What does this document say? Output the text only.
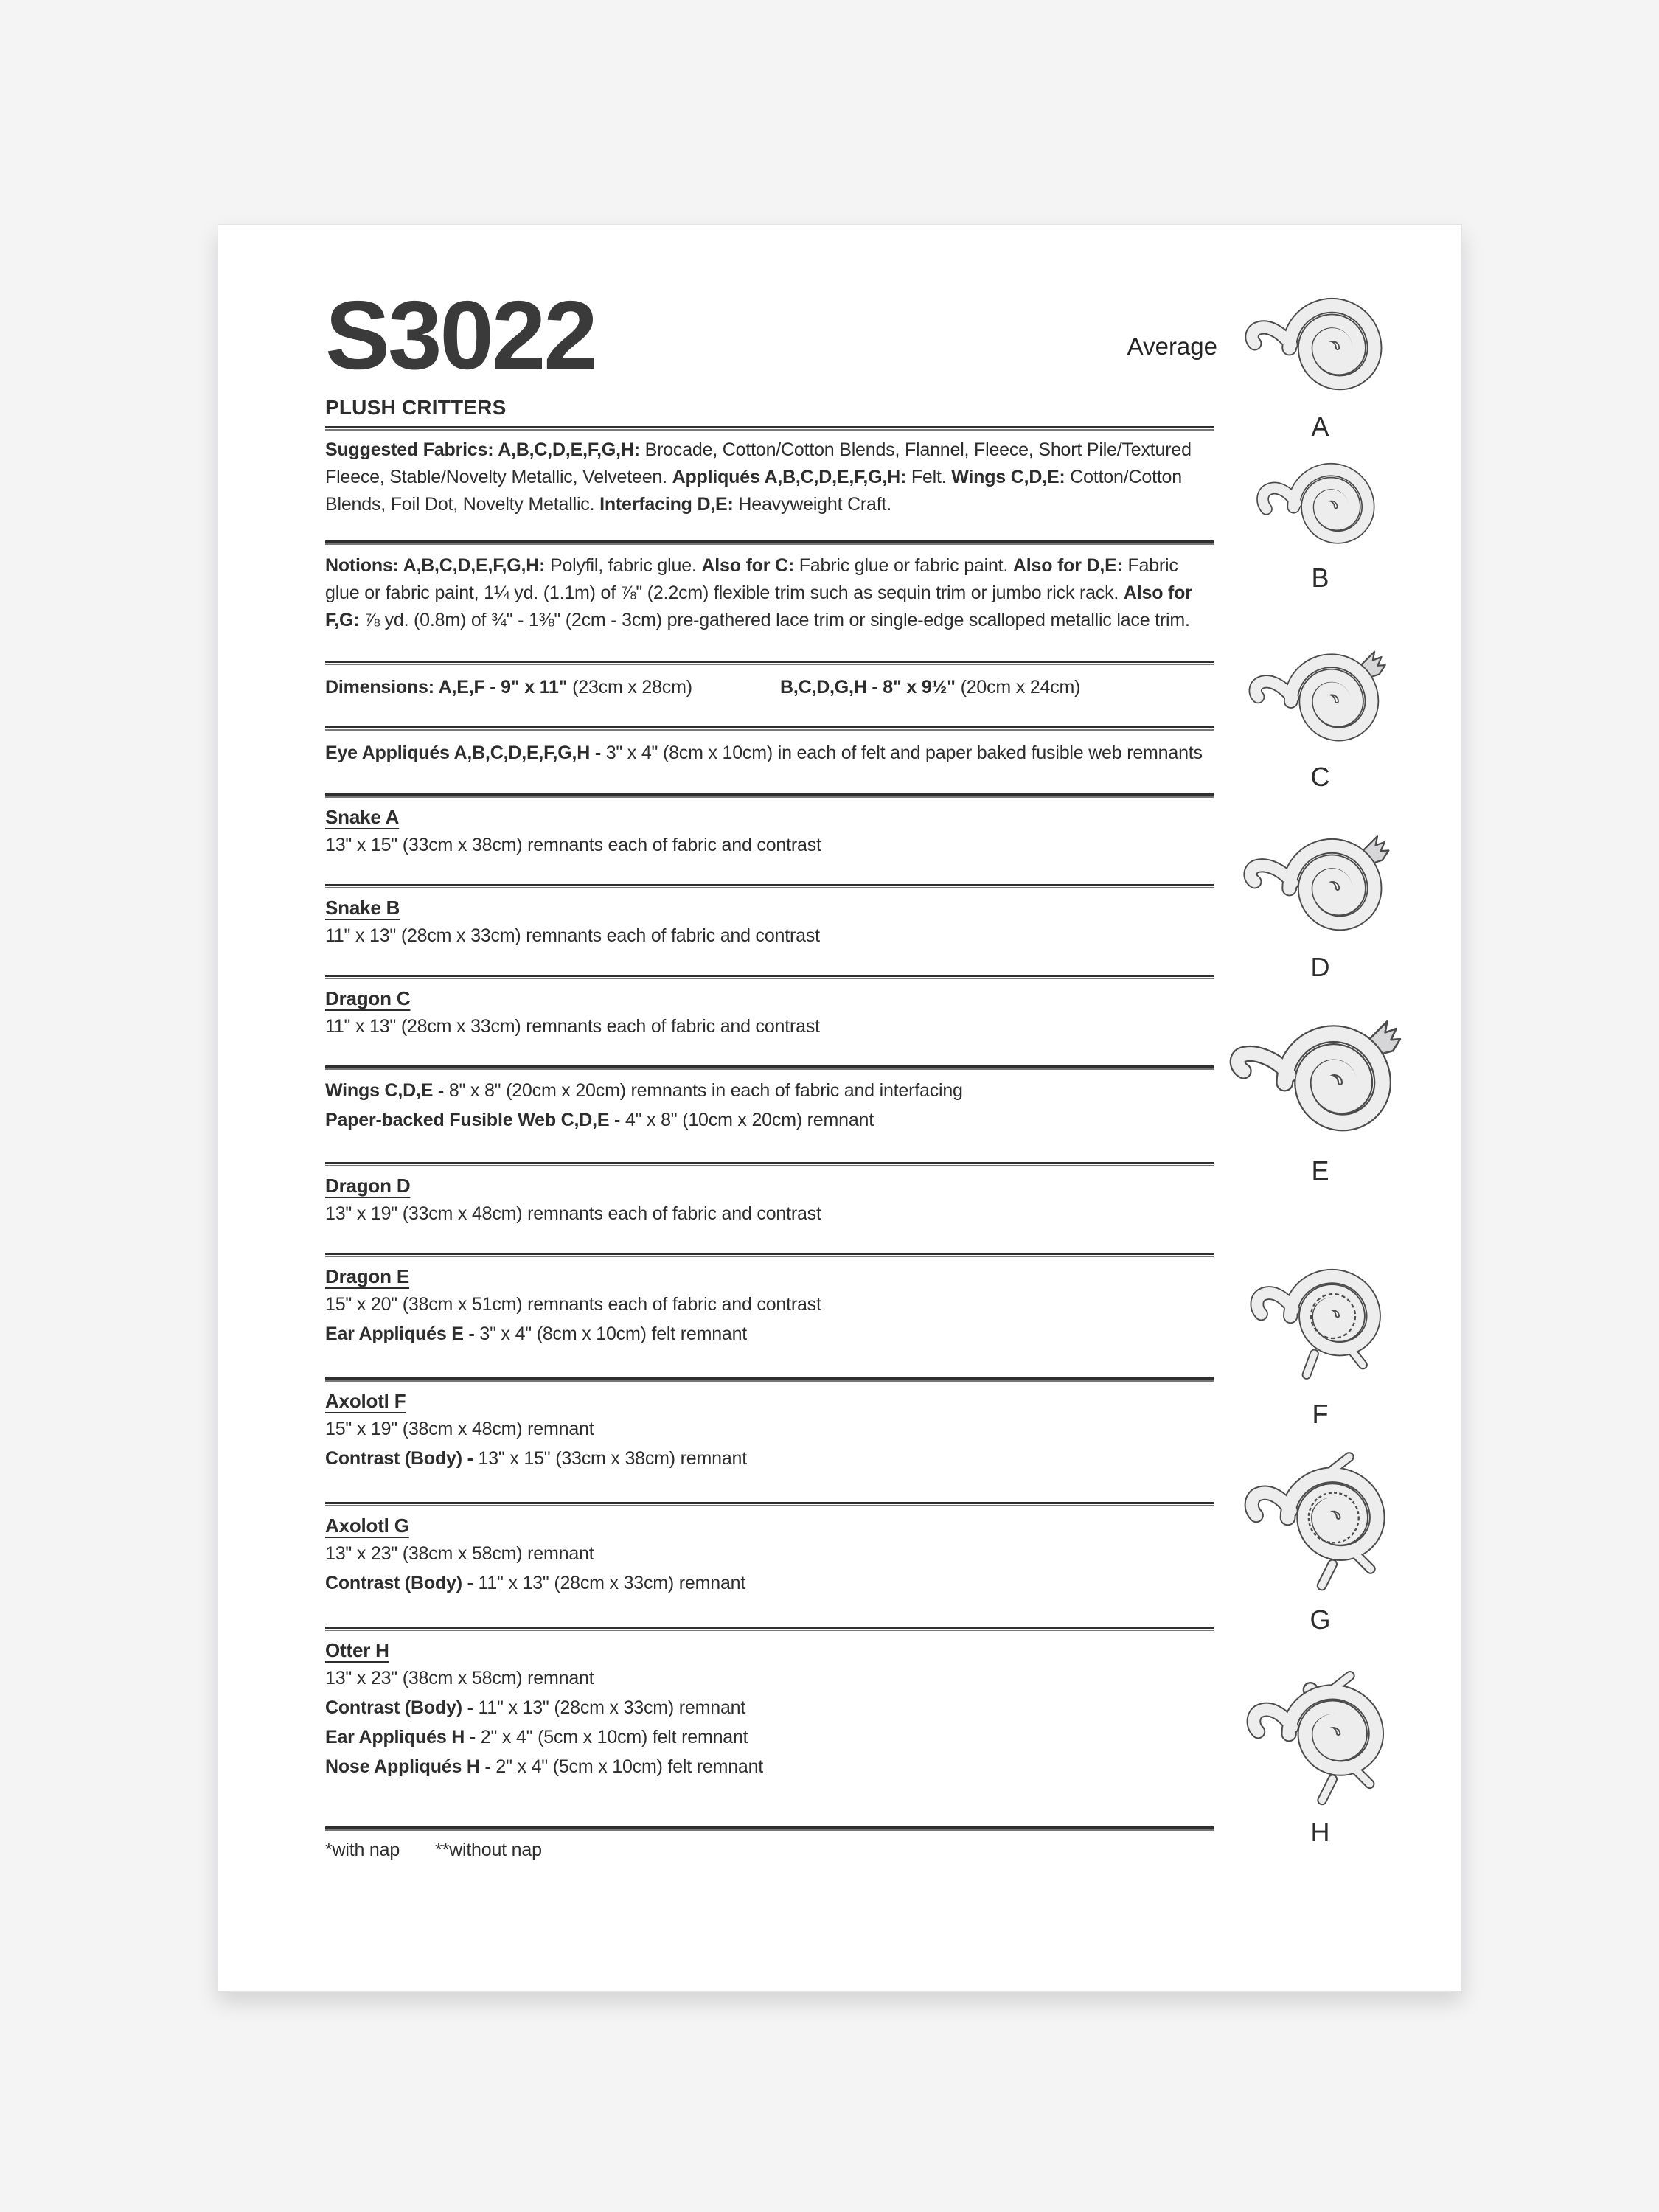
Average
S3022
PLUSH CRITTERS
Suggested Fabrics: A,B,C,D,E,F,G,H: Brocade, Cotton/Cotton Blends, Flannel, Fleece, Short Pile/Textured Fleece, Stable/Novelty Metallic, Velveteen. Appliqués A,B,C,D,E,F,G,H: Felt. Wings C,D,E: Cotton/Cotton Blends, Foil Dot, Novelty Metallic. Interfacing D,E: Heavyweight Craft.
Notions: A,B,C,D,E,F,G,H: Polyfil, fabric glue. Also for C: Fabric glue or fabric paint. Also for D,E: Fabric glue or fabric paint, 1¼ yd. (1.1m) of ⅞" (2.2cm) flexible trim such as sequin trim or jumbo rick rack. Also for F,G: ⅞ yd. (0.8m) of ¾" - 1⅜" (2cm - 3cm) pre-gathered lace trim or single-edge scalloped metallic lace trim.
Dimensions: A,E,F - 9" x 11" (23cm x 28cm)	B,C,D,G,H - 8" x 9½" (20cm x 24cm)
Eye Appliqués A,B,C,D,E,F,G,H - 3" x 4" (8cm x 10cm) in each of felt and paper baked fusible web remnants
Snake A
13" x 15" (33cm x 38cm) remnants each of fabric and contrast
Snake B
11" x 13" (28cm x 33cm) remnants each of fabric and contrast
Dragon C
11" x 13" (28cm x 33cm) remnants each of fabric and contrast
Wings C,D,E - 8" x 8" (20cm x 20cm) remnants in each of fabric and interfacing
Paper-backed Fusible Web C,D,E - 4" x 8" (10cm x 20cm) remnant
Dragon D
13" x 19" (33cm x 48cm) remnants each of fabric and contrast
Dragon E
15" x 20" (38cm x 51cm) remnants each of fabric and contrast
Ear Appliqués E - 3" x 4" (8cm x 10cm) felt remnant
Axolotl F
15" x 19" (38cm x 48cm) remnant
Contrast (Body) - 13" x 15" (33cm x 38cm) remnant
Axolotl G
13" x 23" (38cm x 58cm) remnant
Contrast (Body) - 11" x 13" (28cm x 33cm) remnant
Otter H
13" x 23" (38cm x 58cm) remnant
Contrast (Body) - 11" x 13" (28cm x 33cm) remnant
Ear Appliqués H - 2" x 4" (5cm x 10cm) felt remnant
Nose Appliqués H - 2" x 4" (5cm x 10cm) felt remnant
*with nap **without nap
A
B
C
D
E
F
G
H
